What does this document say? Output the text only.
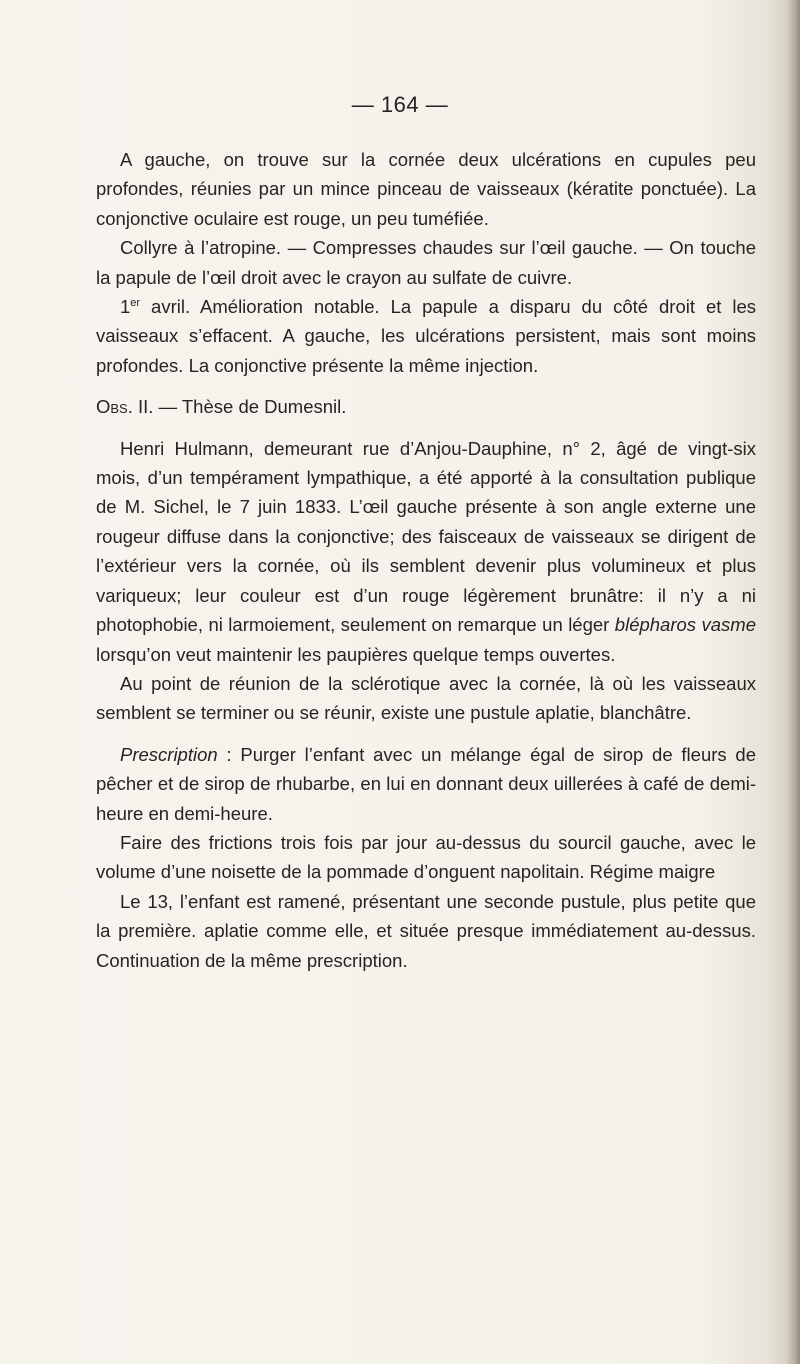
— 164 —

A gauche, on trouve sur la cornée deux ulcérations en cupules peu profondes, réunies par un mince pinceau de vaisseaux (kératite ponctuée). La conjonctive oculaire est rouge, un peu tuméfiée.

Collyre à l’atropine. — Compresses chaudes sur l’œil gauche. — On touche la papule de l’œil droit avec le crayon au sulfate de cuivre.

1er avril. Amélioration notable. La papule a disparu du côté droit et les vaisseaux s’effacent. A gauche, les ulcérations persistent, mais sont moins profondes. La conjonctive présente la même injection.

Obs. II. — Thèse de Dumesnil.

Henri Hulmann, demeurant rue d’Anjou-Dauphine, n° 2, âgé de vingt-six mois, d’un tempérament lympathique, a été apporté à la consultation publique de M. Sichel, le 7 juin 1833. L’œil gauche présente à son angle externe une rougeur diffuse dans la conjonctive; des faisceaux de vaisseaux se dirigent de l’extérieur vers la cornée, où ils semblent devenir plus volumineux et plus variqueux; leur couleur est d’un rouge légèrement brunâtre: il n’y a ni photophobie, ni larmoiement, seulement on remarque un léger blépharos vasme lorsqu’on veut maintenir les paupières quelque temps ouvertes.

Au point de réunion de la sclérotique avec la cornée, là où les vaisseaux semblent se terminer ou se réunir, existe une pustule aplatie, blanchâtre.

Prescription : Purger l’enfant avec un mélange égal de sirop de fleurs de pêcher et de sirop de rhubarbe, en lui en donnant deux uillerées à café de demi-heure en demi-heure.

Faire des frictions trois fois par jour au-dessus du sourcil gauche, avec le volume d’une noisette de la pommade d’onguent napolitain. Régime maigre

Le 13, l’enfant est ramené, présentant une seconde pustule, plus petite que la première. aplatie comme elle, et située presque immédiatement au-dessus. Continuation de la même prescription.
